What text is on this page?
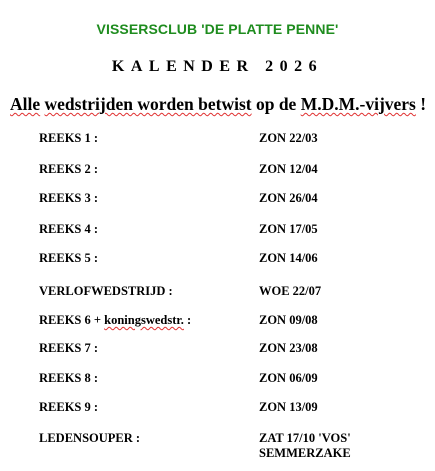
VISSERSCLUB 'DE PLATTE PENNE'
KALENDER 2026
Alle wedstrijden worden betwist op de M.D.M.-vijvers !
REEKS 1 :	ZON 22/03
REEKS 2 :	ZON 12/04
REEKS 3 :	ZON 26/04
REEKS 4 :	ZON 17/05
REEKS 5 :	ZON 14/06
VERLOFWEDSTRIJD :	WOE 22/07
REEKS 6 + koningswedstr. :	ZON 09/08
REEKS 7 :	ZON 23/08
REEKS 8 :	ZON 06/09
REEKS 9 :	ZON 13/09
LEDENSOUPER :	ZAT 17/10 'VOS'
SEMMERZAKE
